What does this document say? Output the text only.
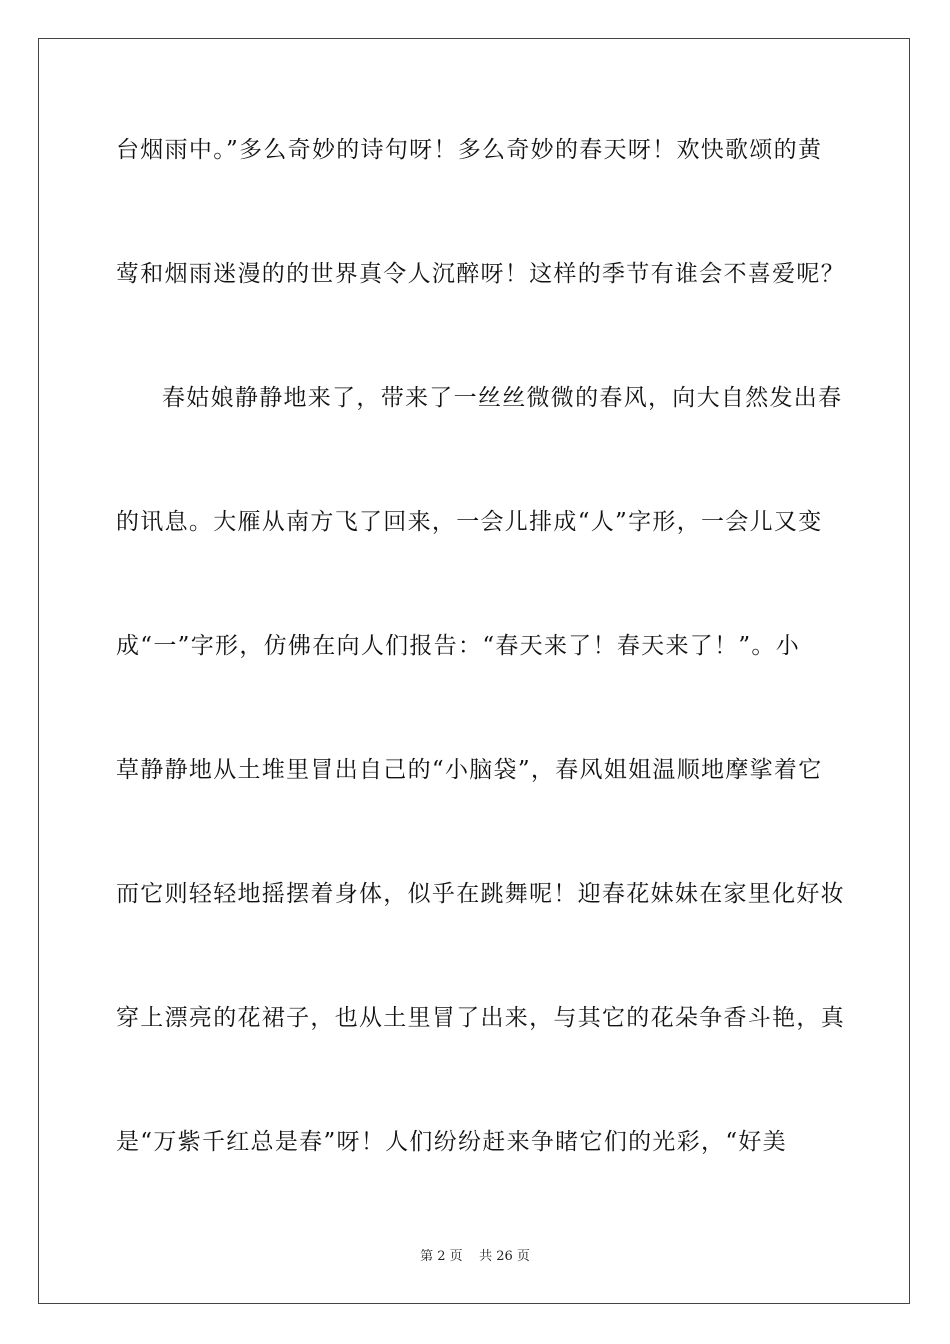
台烟雨中。”多么奇妙的诗句呀！多么奇妙的春天呀！欢快歌颂的黄
莺和烟雨迷漫的的世界真令人沉醉呀！这样的季节有谁会不喜爱呢？
春姑娘静静地来了，带来了一丝丝微微的春风，向大自然发出春
的讯息。大雁从南方飞了回来，一会儿排成“人”字形，一会儿又变
成“一”字形，仿佛在向人们报告：“春天来了！春天来了！”。小
草静静地从土堆里冒出自己的“小脑袋”，春风姐姐温顺地摩挲着它
而它则轻轻地摇摆着身体，似乎在跳舞呢！迎春花妹妹在家里化好妆
穿上漂亮的花裙子，也从土里冒了出来，与其它的花朵争香斗艳，真
是“万紫千红总是春”呀！人们纷纷赶来争睹它们的光彩，“好美
第 2 页    共 26 页
